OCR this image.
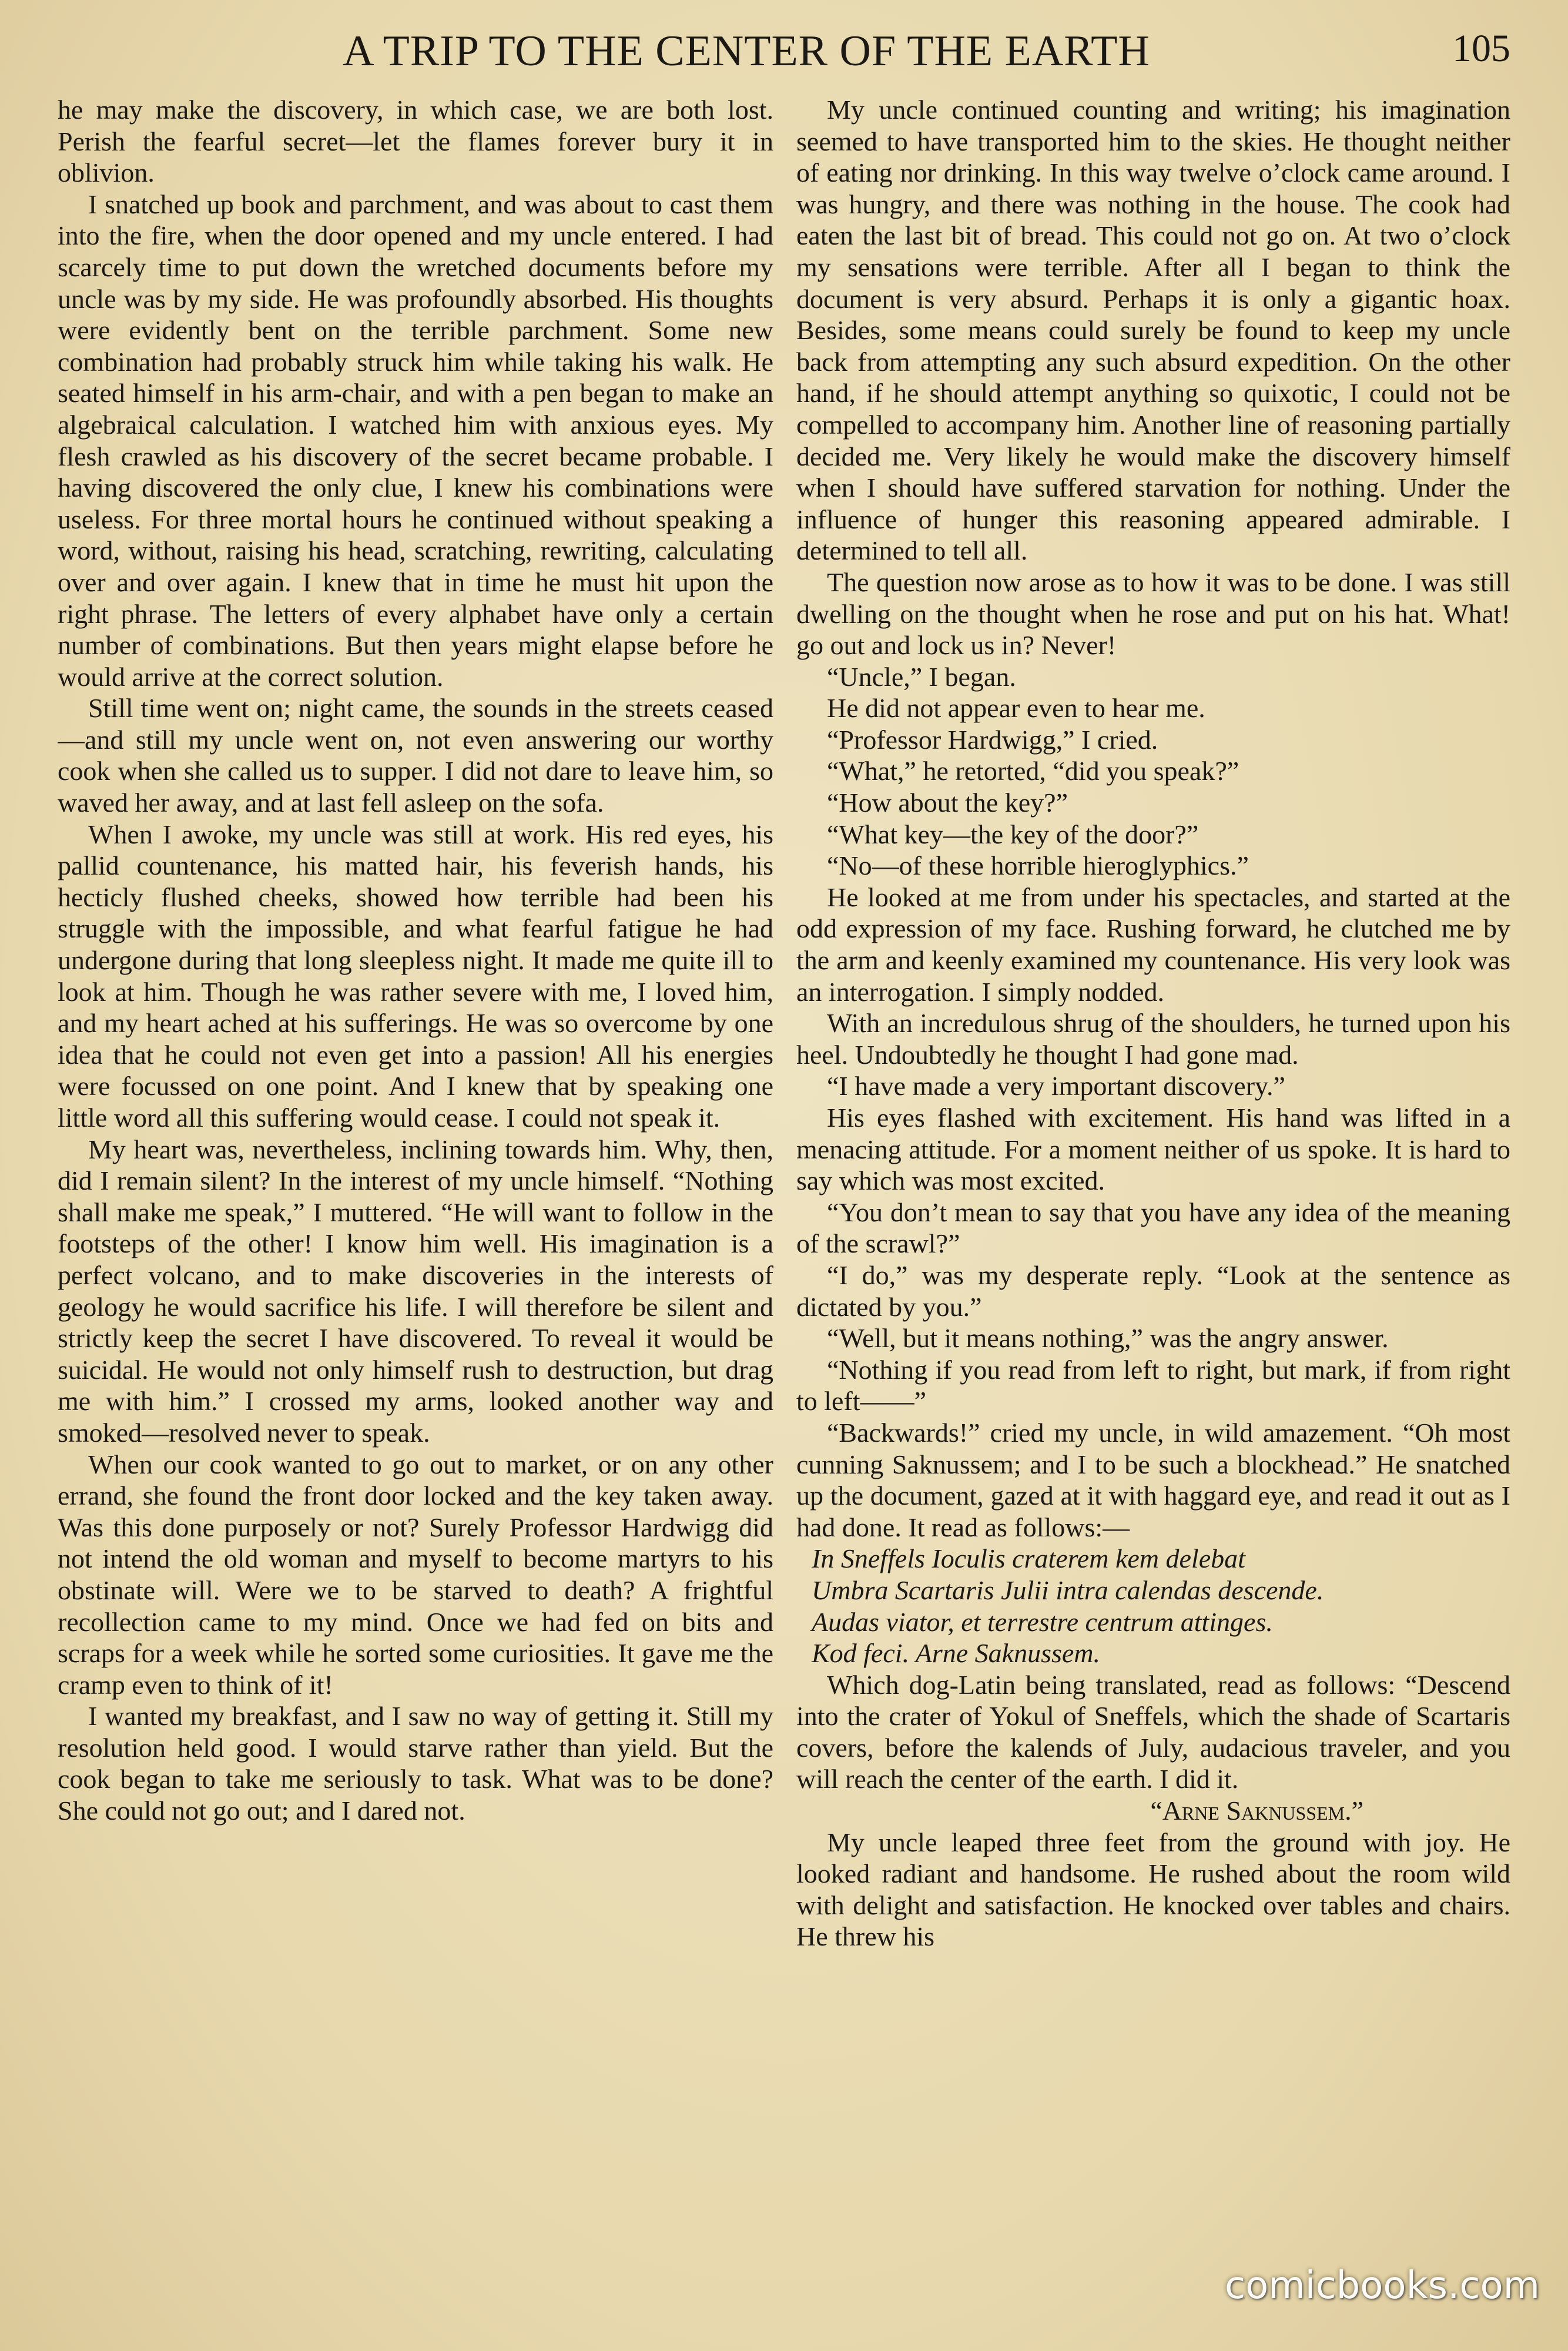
A TRIP TO THE CENTER OF THE EARTH	105

he may make the discovery, in which case, we are both lost. Perish the fearful secret—let the flames forever bury it in oblivion.

I snatched up book and parchment, and was about to cast them into the fire, when the door opened and my uncle entered. I had scarcely time to put down the wretched documents before my uncle was by my side. He was profoundly absorbed. His thoughts were evidently bent on the terrible parchment. Some new combination had probably struck him while taking his walk. He seated himself in his arm-chair, and with a pen began to make an algebraical calculation. I watched him with anxious eyes. My flesh crawled as his discovery of the secret became probable. I having discovered the only clue, I knew his combinations were useless. For three mortal hours he continued without speaking a word, without, raising his head, scratching, rewriting, calculating over and over again. I knew that in time he must hit upon the right phrase. The letters of every alphabet have only a certain number of combinations. But then years might elapse before he would arrive at the correct solution.

Still time went on; night came, the sounds in the streets ceased—and still my uncle went on, not even answering our worthy cook when she called us to supper. I did not dare to leave him, so waved her away, and at last fell asleep on the sofa.

When I awoke, my uncle was still at work. His red eyes, his pallid countenance, his matted hair, his feverish hands, his hecticly flushed cheeks, showed how terrible had been his struggle with the impossible, and what fearful fatigue he had undergone during that long sleepless night. It made me quite ill to look at him. Though he was rather severe with me, I loved him, and my heart ached at his sufferings. He was so overcome by one idea that he could not even get into a passion! All his energies were focussed on one point. And I knew that by speaking one little word all this suffering would cease. I could not speak it.

My heart was, nevertheless, inclining towards him. Why, then, did I remain silent? In the interest of my uncle himself. “Nothing shall make me speak,” I muttered. “He will want to follow in the footsteps of the other! I know him well. His imagination is a perfect volcano, and to make discoveries in the interests of geology he would sacrifice his life. I will therefore be silent and strictly keep the secret I have discovered. To reveal it would be suicidal. He would not only himself rush to destruction, but drag me with him.” I crossed my arms, looked another way and smoked—resolved never to speak.

When our cook wanted to go out to market, or on any other errand, she found the front door locked and the key taken away. Was this done purposely or not? Surely Professor Hardwigg did not intend the old woman and myself to become martyrs to his obstinate will. Were we to be starved to death? A frightful recollection came to my mind. Once we had fed on bits and scraps for a week while he sorted some curiosities. It gave me the cramp even to think of it!

I wanted my breakfast, and I saw no way of getting it. Still my resolution held good. I would starve rather than yield. But the cook began to take me seriously to task. What was to be done? She could not go out; and I dared not.

My uncle continued counting and writing; his imagination seemed to have transported him to the skies. He thought neither of eating nor drinking. In this way twelve o’clock came around. I was hungry, and there was nothing in the house. The cook had eaten the last bit of bread. This could not go on. At two o’clock my sensations were terrible. After all I began to think the document is very absurd. Perhaps it is only a gigantic hoax. Besides, some means could surely be found to keep my uncle back from attempting any such absurd expedition. On the other hand, if he should attempt anything so quixotic, I could not be compelled to accompany him. Another line of reasoning partially decided me. Very likely he would make the discovery himself when I should have suffered starvation for nothing. Under the influence of hunger this reasoning appeared admirable. I determined to tell all.

The question now arose as to how it was to be done. I was still dwelling on the thought when he rose and put on his hat. What! go out and lock us in? Never!

“Uncle,” I began.

He did not appear even to hear me.

“Professor Hardwigg,” I cried.

“What,” he retorted, “did you speak?”

“How about the key?”

“What key—the key of the door?”

“No—of these horrible hieroglyphics.”

He looked at me from under his spectacles, and started at the odd expression of my face. Rushing forward, he clutched me by the arm and keenly examined my countenance. His very look was an interrogation. I simply nodded.

With an incredulous shrug of the shoulders, he turned upon his heel. Undoubtedly he thought I had gone mad.

“I have made a very important discovery.”

His eyes flashed with excitement. His hand was lifted in a menacing attitude. For a moment neither of us spoke. It is hard to say which was most excited.

“You don’t mean to say that you have any idea of the meaning of the scrawl?”

“I do,” was my desperate reply. “Look at the sentence as dictated by you.”

“Well, but it means nothing,” was the angry answer.

“Nothing if you read from left to right, but mark, if from right to left——”

“Backwards!” cried my uncle, in wild amazement. “Oh most cunning Saknussem; and I to be such a blockhead.” He snatched up the document, gazed at it with haggard eye, and read it out as I had done. It read as follows:—

In Sneffels Ioculis craterem kem delebat

Umbra Scartaris Julii intra calendas descende.

Audas viator, et terrestre centrum attinges.

Kod feci. Arne Saknussem.

Which dog-Latin being translated, read as follows: “Descend into the crater of Yokul of Sneffels, which the shade of Scartaris covers, before the kalends of July, audacious traveler, and you will reach the center of the earth. I did it.

“Arne Saknussem.”

My uncle leaped three feet from the ground with joy. He looked radiant and handsome. He rushed about the room wild with delight and satisfaction. He knocked over tables and chairs. He threw his

comicbooks.com
